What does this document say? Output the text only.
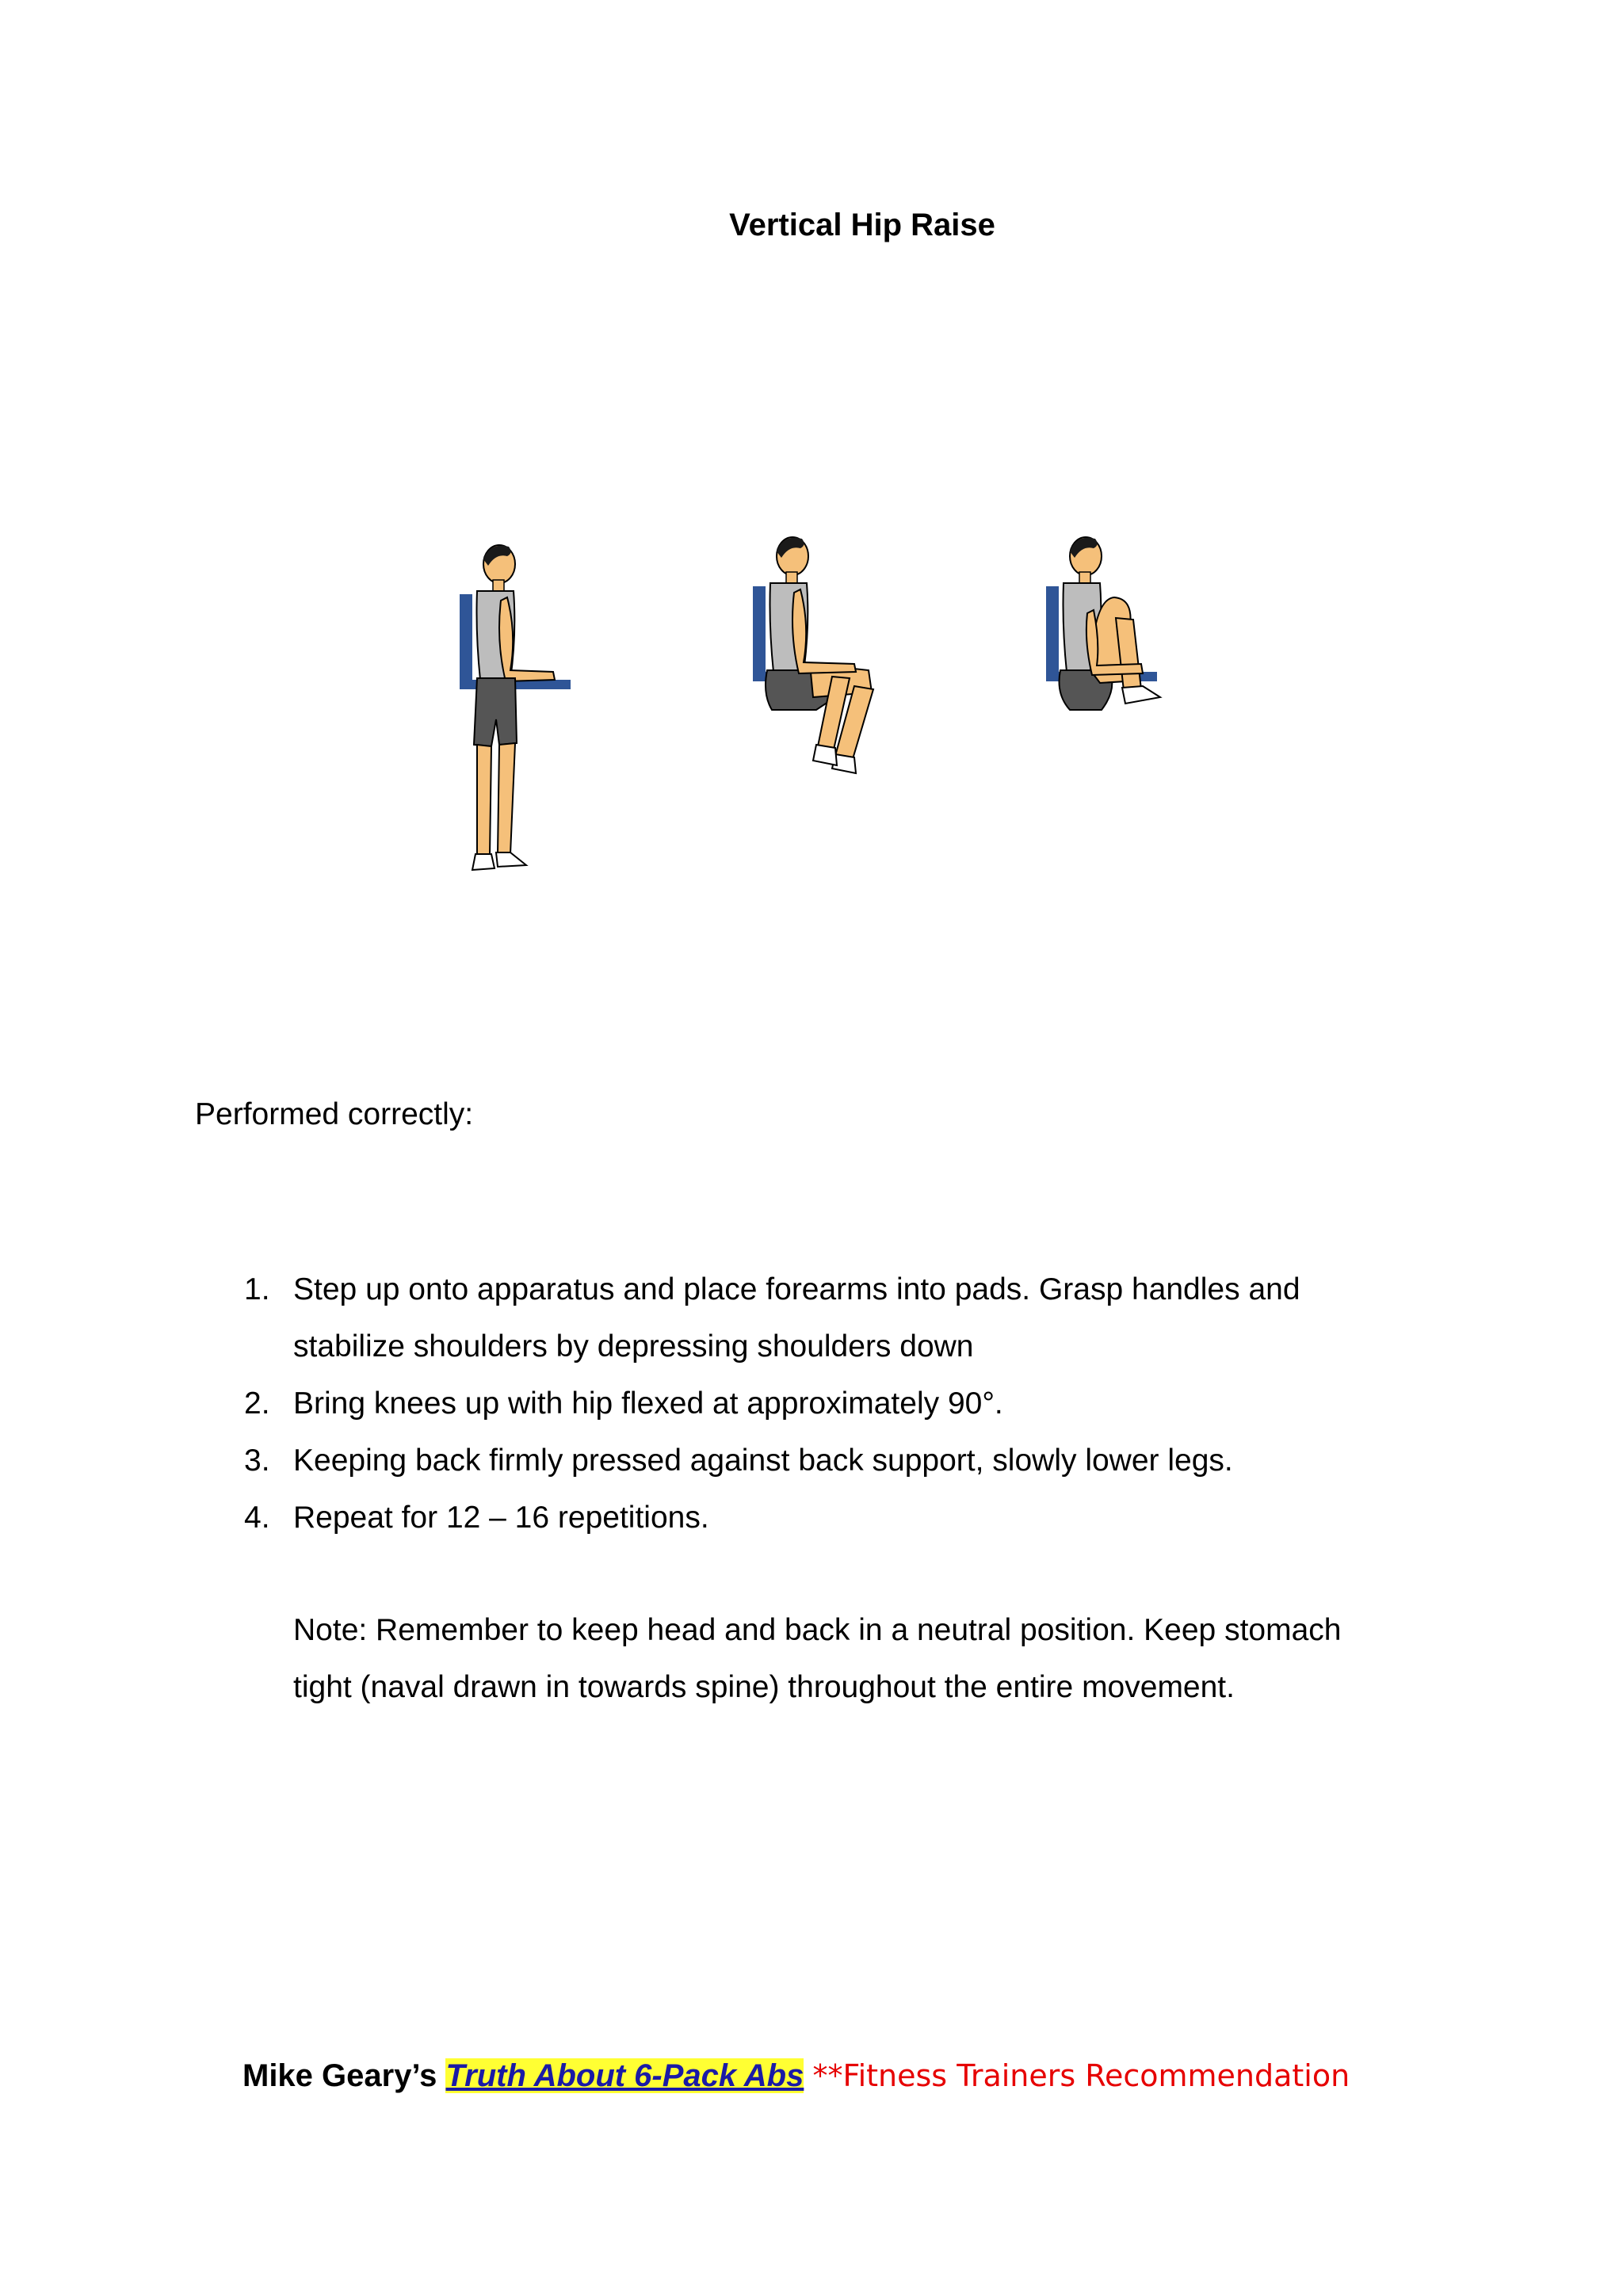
Vertical Hip Raise
Performed correctly:
1. Step up onto apparatus and place forearms into pads. Grasp handles and
stabilize shoulders by depressing shoulders down
2. Bring knees up with hip flexed at approximately 90°.
3. Keeping back firmly pressed against back support, slowly lower legs.
4. Repeat for 12 – 16 repetitions.
Note: Remember to keep head and back in a neutral position. Keep stomach
tight (naval drawn in towards spine) throughout the entire movement.
Mike Geary’s Truth About 6-Pack Abs **Fitness Trainers Recommendation
